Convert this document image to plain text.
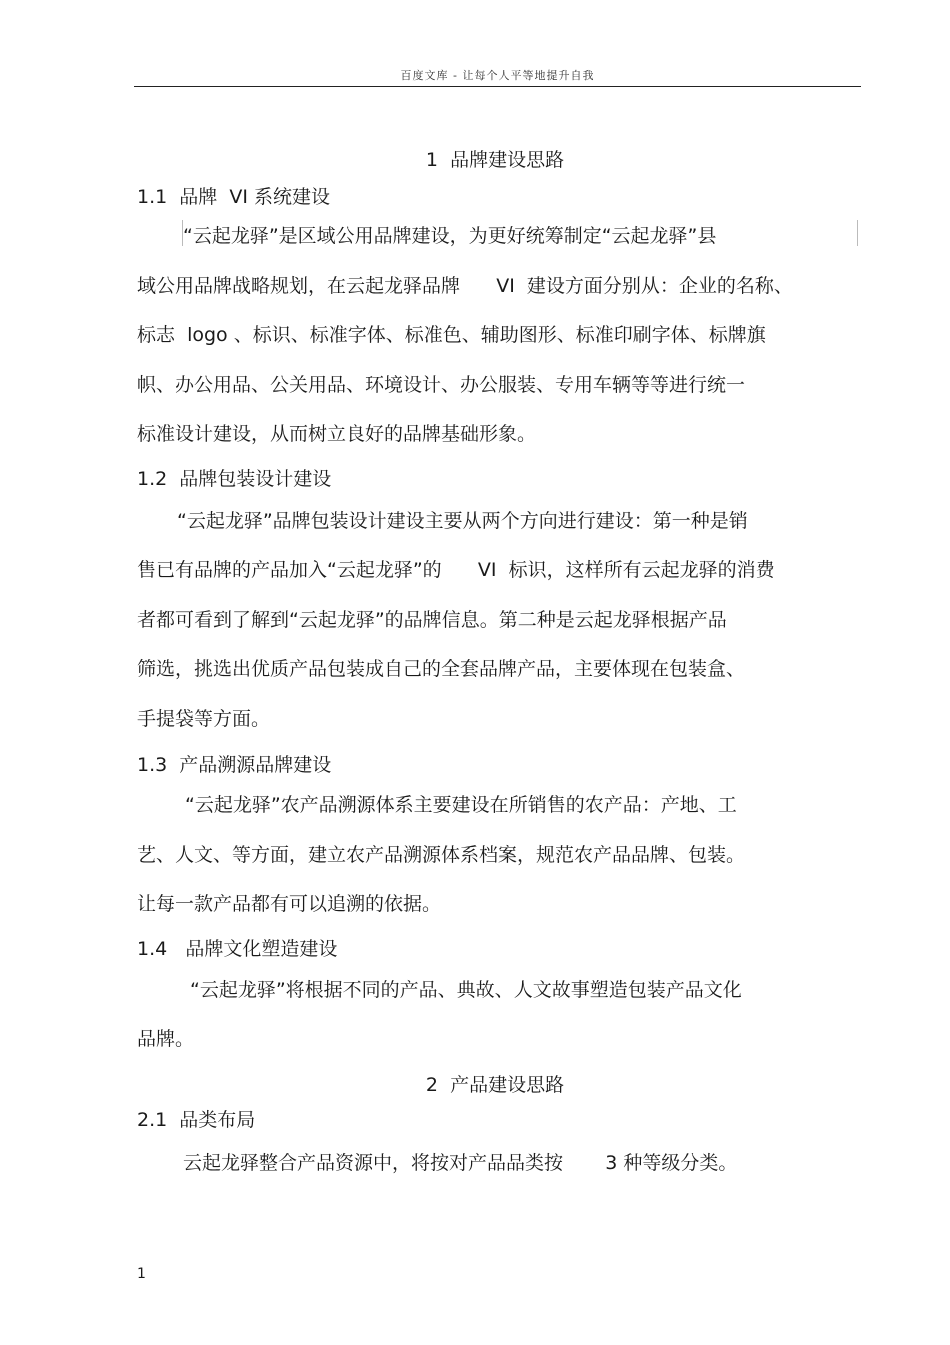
百度文库 - 让每个人平等地提升自我
1  品牌建设思路
1.1  品牌  VI 系统建设
“云起龙驿”是区域公用品牌建设，为更好统筹制定“云起龙驿”县
域公用品牌战略规划，在云起龙驿品牌      VI  建设方面分别从：企业的名称、
标志  logo 、标识、标准字体、标准色、辅助图形、标准印刷字体、标牌旗
帜、办公用品、公关用品、环境设计、办公服装、专用车辆等等进行统一
标准设计建设，从而树立良好的品牌基础形象。
1.2  品牌包装设计建设
“云起龙驿”品牌包装设计建设主要从两个方向进行建设：第一种是销
售已有品牌的产品加入“云起龙驿”的      VI  标识，这样所有云起龙驿的消费
者都可看到了解到“云起龙驿”的品牌信息。第二种是云起龙驿根据产品
筛选，挑选出优质产品包装成自己的全套品牌产品，主要体现在包装盒、
手提袋等方面。
1.3  产品溯源品牌建设
“云起龙驿”农产品溯源体系主要建设在所销售的农产品：产地、工
艺、人文、等方面，建立农产品溯源体系档案，规范农产品品牌、包装。
让每一款产品都有可以追溯的依据。
1.4   品牌文化塑造建设
“云起龙驿”将根据不同的产品、典故、人文故事塑造包装产品文化
品牌。
2  产品建设思路
2.1  品类布局
云起龙驿整合产品资源中，将按对产品品类按       3 种等级分类。
1
